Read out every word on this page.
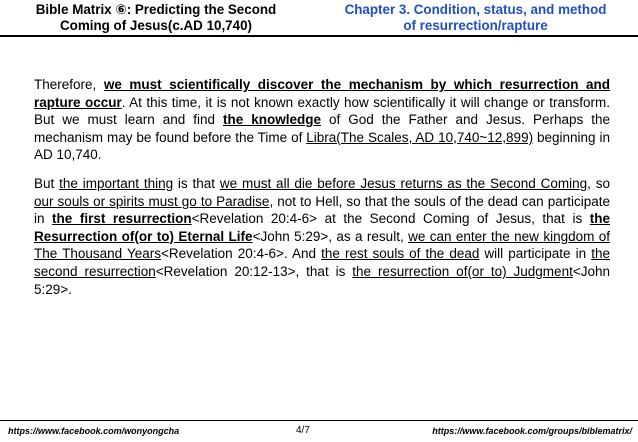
Bible Matrix ⑥: Predicting the Second
Coming of Jesus(c.AD 10,740)
Chapter 3. Condition, status, and method
of resurrection/rapture

Therefore, we must scientifically discover the mechanism by which resurrection and rapture occur. At this time, it is not known exactly how scientifically it will change or transform. But we must learn and find the knowledge of God the Father and Jesus. Perhaps the mechanism may be found before the Time of Libra(The Scales, AD 10,740~12,899) beginning in AD 10,740.

But the important thing is that we must all die before Jesus returns as the Second Coming, so our souls or spirits must go to Paradise, not to Hell, so that the souls of the dead can participate in the first resurrection<Revelation 20:4-6> at the Second Coming of Jesus, that is the Resurrection of(or to) Eternal Life<John 5:29>, as a result, we can enter the new kingdom of The Thousand Years<Revelation 20:4-6>. And the rest souls of the dead will participate in the second resurrection<Revelation 20:12-13>, that is the resurrection of(or to) Judgment<John 5:29>.

https://www.facebook.com/wonyongcha	4/7	https://www.facebook.com/groups/biblematrix/
